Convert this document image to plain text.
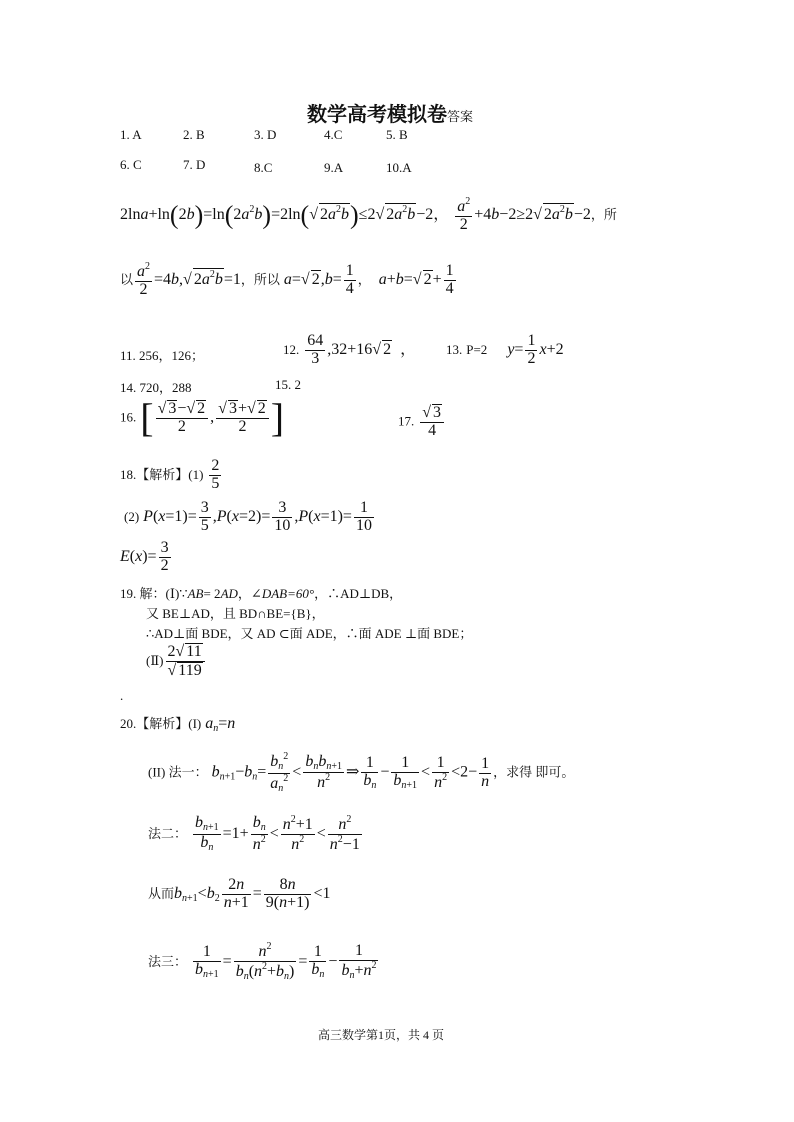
数学高考模拟卷答案
1. A	2. B	3. D	4.C	5. B
6. C	7. D	8.C	9.A	10.A
$2\ln a+\ln(2b)=\ln(2a^2b)=2\ln(√$ $2a^2b)\le 2√$ $2a^2b-2$， $\frac{a^2}{2} +4b-2\ge 2√$ $2a^2b-2$，所
以 $\frac{a^2}{2} =4b,√$ $2a^2b=1$，所以 a=√ $2,b= \frac{1}{4}$ ， a+b=√ $2+ \frac{1}{4}$
11. 256，126；	12. $\frac{64}{3} ,32+16√$ 2  ， 13. P=2 $y= \frac{1}{2} x+2$
14. 720，288	15. 2
16. [ $\frac{√ 3-√ 2}{2}$ , $\frac{√ 3+√ 2}{2}$ ]	17. $\frac{√ 3}{4}$
18.【解析】$(1) \frac{2}{5}$
(2) $P(x=1)= \frac{3}{5} ,P(x=2)= \frac{3}{10} ,P(x=1)= \frac{1}{10}$
$E(x)= \frac{3}{2}$
19. 解：(Ⅰ)∵AB= 2AD，∠DAB=60°，∴AD⊥DB，
又 BE⊥AD，且 BD∩BE={B}，
∴AD⊥面 BDE，又 AD ⊂面 ADE，∴面 ADE ⊥面 BDE；
(Ⅱ) $\frac{2√ 11}{√ 119}$
.
20.【解析】(I) $a_n=n$
(II) 法一： $b_{n+1}-b_n= \frac{b_n^2}{a_n^2} < \frac{b_nb_{n+1}}{n^2}$ ⇒ $\frac{1}{b_n} - \frac{1}{b_{n+1}} < \frac{1}{n^2} <2- \frac{1}{n}$ ，求得 即可。
法二： $\frac{b_{n+1}}{b_n} =1+ \frac{b_n}{n^2} < \frac{n^2+1}{n^2} < \frac{n^2}{n^2-1}$
从而$b_{n+1}<b_2 \frac{2n}{n+1} = \frac{8n}{9(n+1)} <1$
法三： $\frac{1}{b_{n+1}} = \frac{n^2}{b_n(n^2+b_n)} = \frac{1}{b_n} - \frac{1}{b_n+n^2}$
高三数学第1页，共 4 页
